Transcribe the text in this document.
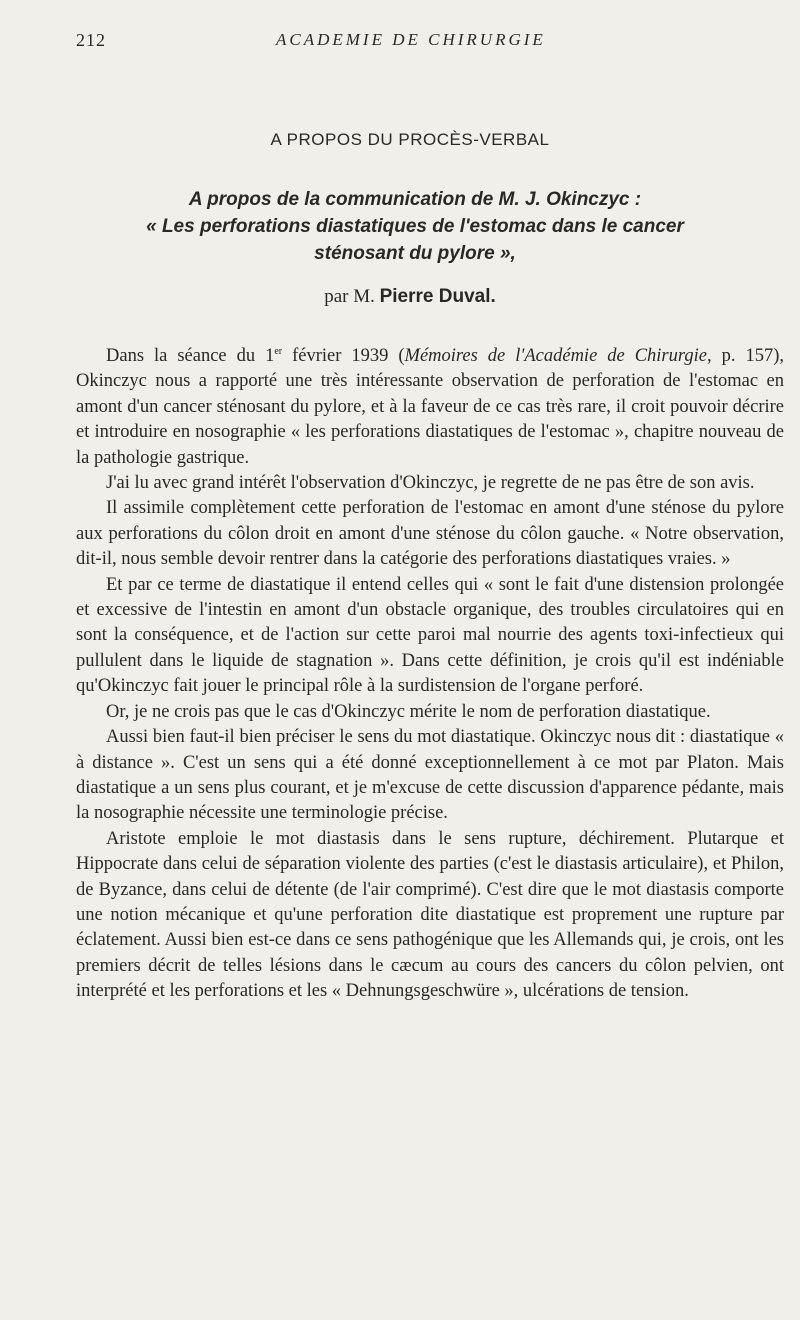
212	ACADEMIE DE CHIRURGIE
A PROPOS DU PROCÈS-VERBAL
A propos de la communication de M. J. Okinczyc :
« Les perforations diastatiques de l'estomac dans le cancer
sténosant du pylore »,
par M. Pierre Duval.

Dans la séance du 1er février 1939 (Mémoires de l'Académie de Chirurgie, p. 157), Okinczyc nous a rapporté une très intéressante observation de perforation de l'estomac en amont d'un cancer sténosant du pylore, et à la faveur de ce cas très rare, il croit pouvoir décrire et introduire en nosographie « les perforations diastatiques de l'estomac », chapitre nouveau de la pathologie gastrique.

J'ai lu avec grand intérêt l'observation d'Okinczyc, je regrette de ne pas être de son avis.

Il assimile complètement cette perforation de l'estomac en amont d'une sténose du pylore aux perforations du côlon droit en amont d'une sténose du côlon gauche. « Notre observation, dit-il, nous semble devoir rentrer dans la catégorie des perforations diastatiques vraies. »

Et par ce terme de diastatique il entend celles qui « sont le fait d'une distension prolongée et excessive de l'intestin en amont d'un obstacle organique, des troubles circulatoires qui en sont la conséquence, et de l'action sur cette paroi mal nourrie des agents toxi-infectieux qui pullulent dans le liquide de stagnation ». Dans cette définition, je crois qu'il est indéniable qu'Okinczyc fait jouer le principal rôle à la surdistension de l'organe perforé.

Or, je ne crois pas que le cas d'Okinczyc mérite le nom de perforation diastatique.

Aussi bien faut-il bien préciser le sens du mot diastatique. Okinczyc nous dit : diastatique « à distance ». C'est un sens qui a été donné exceptionnellement à ce mot par Platon. Mais diastatique a un sens plus courant, et je m'excuse de cette discussion d'apparence pédante, mais la nosographie nécessite une terminologie précise.

Aristote emploie le mot diastasis dans le sens rupture, déchirement. Plutarque et Hippocrate dans celui de séparation violente des parties (c'est le diastasis articulaire), et Philon, de Byzance, dans celui de détente (de l'air comprimé). C'est dire que le mot diastasis comporte une notion mécanique et qu'une perforation dite diastatique est proprement une rupture par éclatement. Aussi bien est-ce dans ce sens pathogénique que les Allemands qui, je crois, ont les premiers décrit de telles lésions dans le cæcum au cours des cancers du côlon pelvien, ont interprété et les perforations et les « Dehnungsgeschwüre », ulcérations de tension.
